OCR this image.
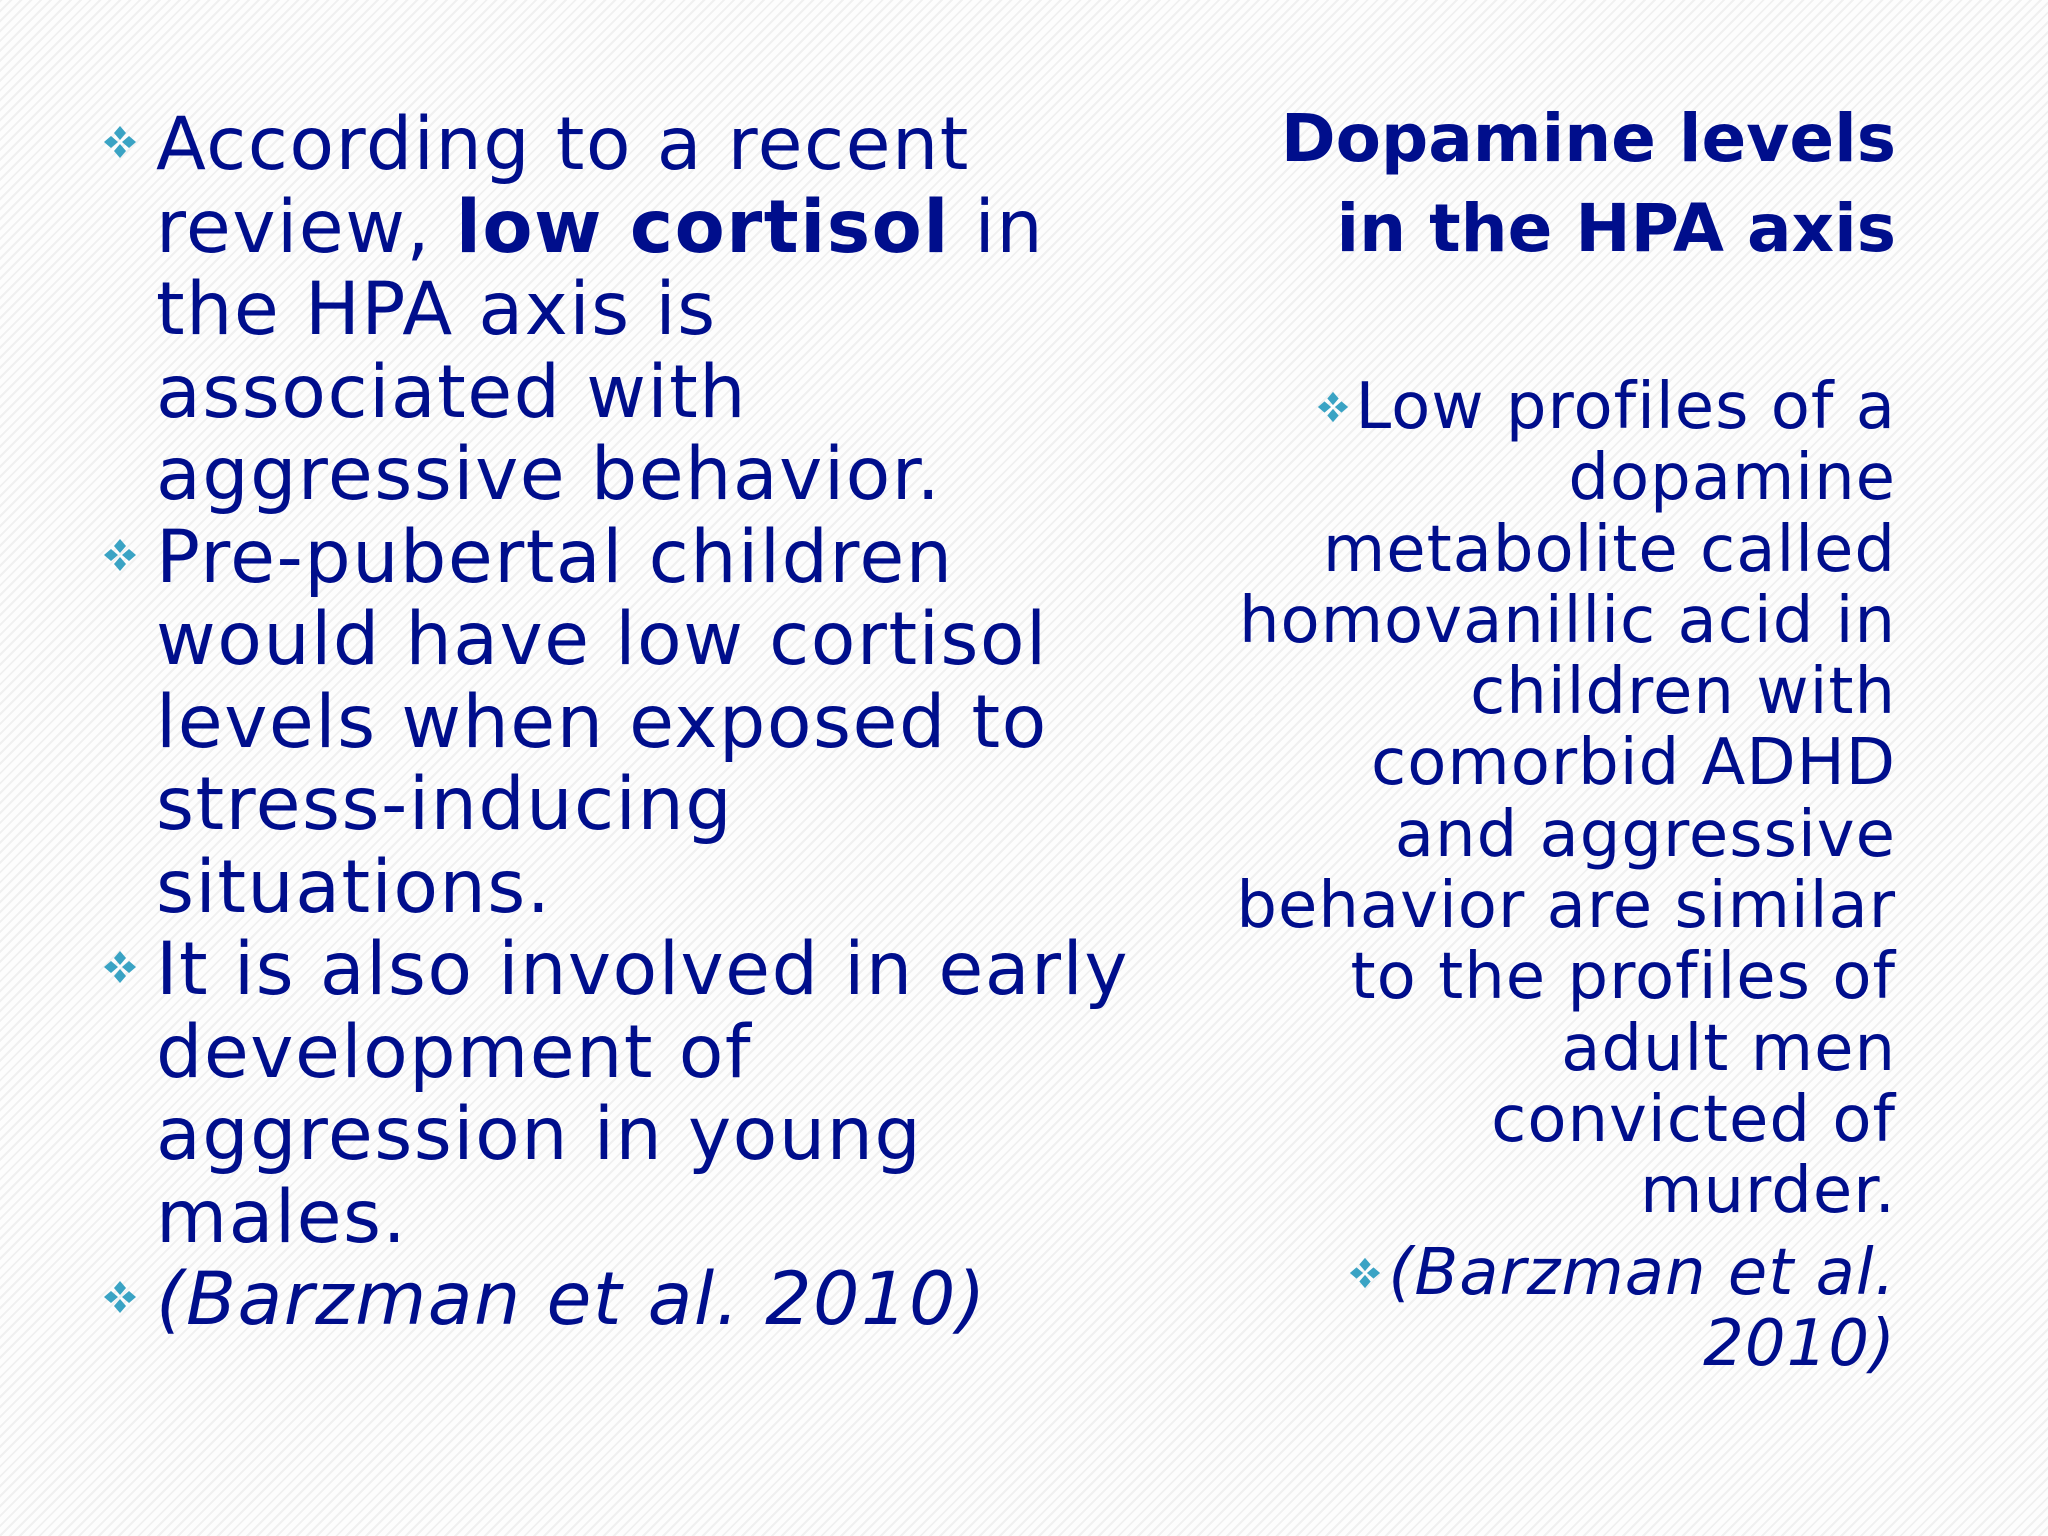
According to a recent review, low cortisol in the HPA axis is associated with aggressive behavior.

Pre-pubertal children would have low cortisol levels when exposed to stress-inducing situations.

It is also involved in early development of aggression in young males.

(Barzman et al. 2010)

Dopamine levels
in the HPA axis
Low profiles of a dopamine metabolite called homovanillic acid in children with comorbid ADHD and aggressive behavior are similar to the profiles of adult men convicted of murder.
(Barzman et al.
2010)
